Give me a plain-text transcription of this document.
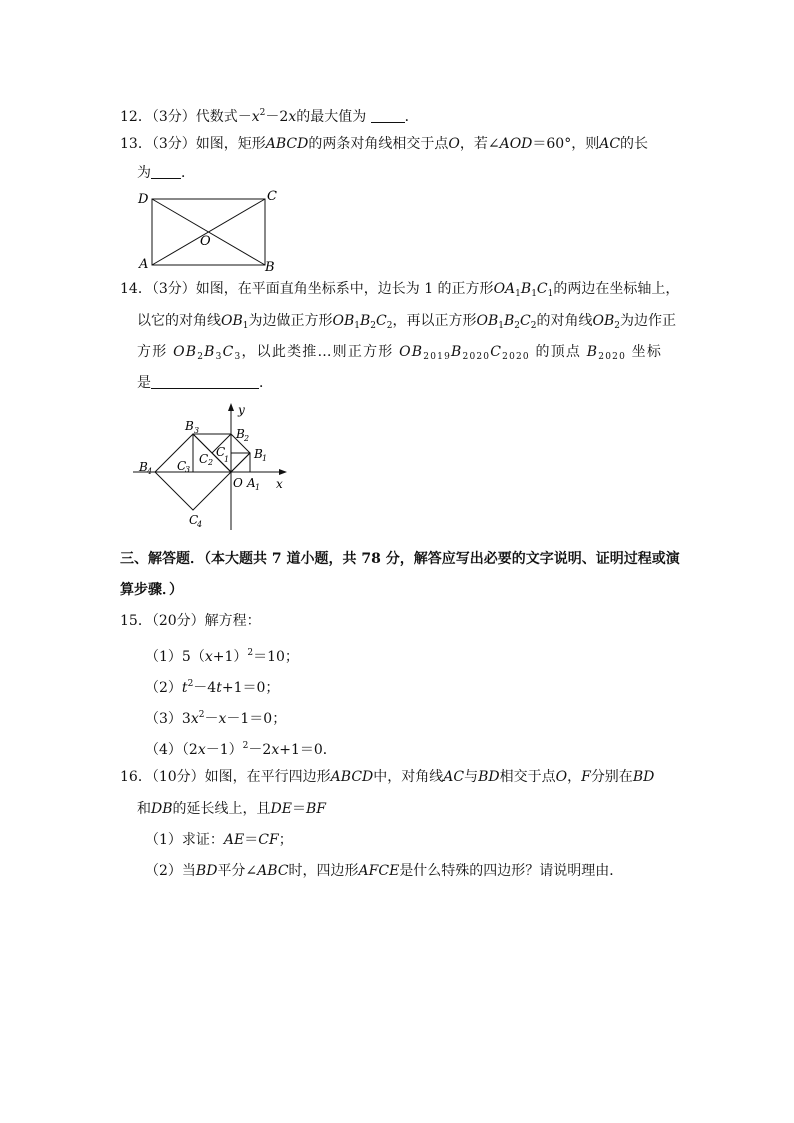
12．（3分）代数式$-x^2-2x$的最大值为	．
13．（3分）如图，矩形ABCD的两条对角线相交于点O，若∠AOD＝60°，则AC的长
为 ．
D	C
O
A	B
14．（3分）如图，在平面直角坐标系中，边长为 1 的正方形$OA_1B_1C_1$的两边在坐标轴上，
以它的对角线$OB_1$为边做正方形$OB_1B_2C_2$，再以正方形$OB_1B_2C_2$的对角线$OB_2$为边作正
方形 $OB_2B_3C_3$，以此类推…则正方形 $OB_{2019}B_{2020}C_{2020}$ 的顶点 $B_{2020}$ 坐标
是	．
y
x
O
B 3	B 2
B 1
B 4
C
1
C 2
C
3
C
4
A 1
三、解答题．（本大题共 7 道小题，共 78 分，解答应写出必要的文字说明、证明过程或演
算步骤．）
15．（20分）解方程：
$(1)5(x+1)^2=10$；
$(2)t^2-4t+1=0$；
$(3)3x^2-x-1=0$；
$(4)(2x-1)^2-2x+1=0$．
16．（10分）如图，在平行四边形ABCD中，对角线AC与BD相交于点O，F分别在BD
和DB的延长线上，且DE＝BF
（1）求证：AE＝CF；
（2）当BD平分∠ABC时，四边形AFCE是什么特殊的四边形？请说明理由．
